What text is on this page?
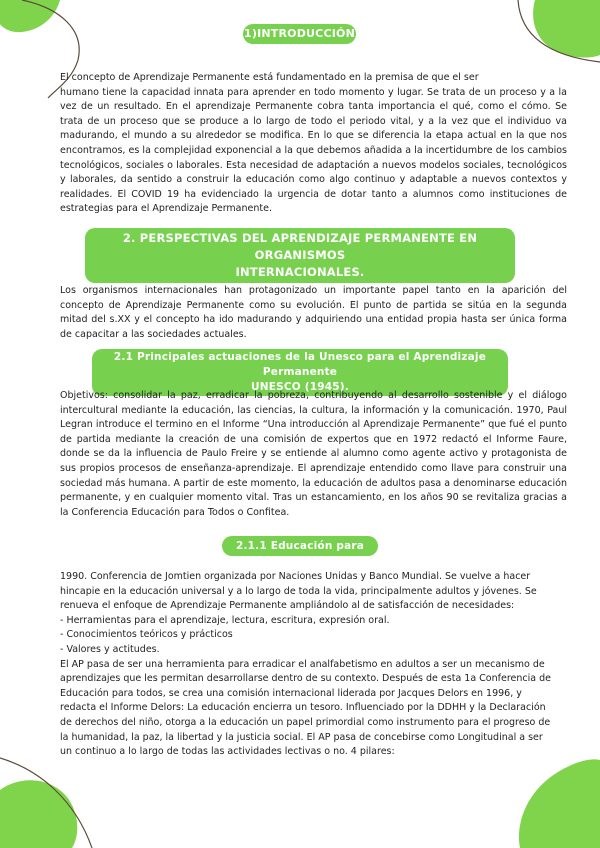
1)INTRODUCCIÓN

El concepto de Aprendizaje Permanente está fundamentado en la premisa de que el ser
humano tiene la capacidad innata para aprender en todo momento y lugar. Se trata de un proceso y a la vez de un resultado. En el aprendizaje Permanente cobra tanta importancia el qué, como el cómo. Se trata de un proceso que se produce a lo largo de todo el periodo vital, y a la vez que el individuo va madurando, el mundo a su alrededor se modifica. En lo que se diferencia la etapa actual en la que nos encontramos, es la complejidad exponencial a la que debemos añadida a la incertidumbre de los cambios tecnológicos, sociales o laborales. Esta necesidad de adaptación a nuevos modelos sociales, tecnológicos y laborales, da sentido a construir la educación como algo continuo y adaptable a nuevos contextos y realidades. El COVID 19 ha evidenciado la urgencia de dotar tanto a alumnos como instituciones de estrategias para el Aprendizaje Permanente.

2. PERSPECTIVAS DEL APRENDIZAJE PERMANENTE EN ORGANISMOS
INTERNACIONALES.

Los organismos internacionales han protagonizado un importante papel tanto en la aparición del concepto de Aprendizaje Permanente como su evolución. El punto de partida se sitúa en la segunda mitad del s.XX y el concepto ha ido madurando y adquiriendo una entidad propia hasta ser única forma de capacitar a las sociedades actuales.

2.1 Principales actuaciones de la Unesco para el Aprendizaje Permanente
UNESCO (1945).

Objetivos: consolidar la paz, erradicar la pobreza, contribuyendo al desarrollo sostenible y el diálogo intercultural mediante la educación, las ciencias, la cultura, la información y la comunicación. 1970, Paul Legran introduce el termino en el Informe “Una introducción al Aprendizaje Permanente” que fué el punto de partida mediante la creación de una comisión de expertos que en 1972 redactó el Informe Faure, donde se da la influencia de Paulo Freire y se entiende al alumno como agente activo y protagonista de sus propios procesos de enseñanza-aprendizaje. El aprendizaje entendido como llave para construir una sociedad más humana. A partir de este momento, la educación de adultos pasa a denominarse educación permanente, y en cualquier momento vital. Tras un estancamiento, en los años 90 se revitaliza gracias a la Conferencia Educación para Todos o Confitea.

2.1.1 Educación para Todos
1990. Conferencia de Jomtien organizada por Naciones Unidas y Banco Mundial. Se vuelve a hacer
hincapie en la educación universal y a lo largo de toda la vida, principalmente adultos y jóvenes. Se
renueva el enfoque de Aprendizaje Permanente ampliándolo al de satisfacción de necesidades:
- Herramientas para el aprendizaje, lectura, escritura, expresión oral.
- Conocimientos teóricos y prácticos
- Valores y actitudes.
El AP pasa de ser una herramienta para erradicar el analfabetismo en adultos a ser un mecanismo de
aprendizajes que les permitan desarrollarse dentro de su contexto. Después de esta 1a Conferencia de
Educación para todos, se crea una comisión internacional liderada por Jacques Delors en 1996, y
redacta el Informe Delors: La educación encierra un tesoro. Influenciado por la DDHH y la Declaración
de derechos del niño, otorga a la educación un papel primordial como instrumento para el progreso de
la humanidad, la paz, la libertad y la justicia social. El AP pasa de concebirse como Longitudinal a ser
un continuo a lo largo de todas las actividades lectivas o no. 4 pilares:
